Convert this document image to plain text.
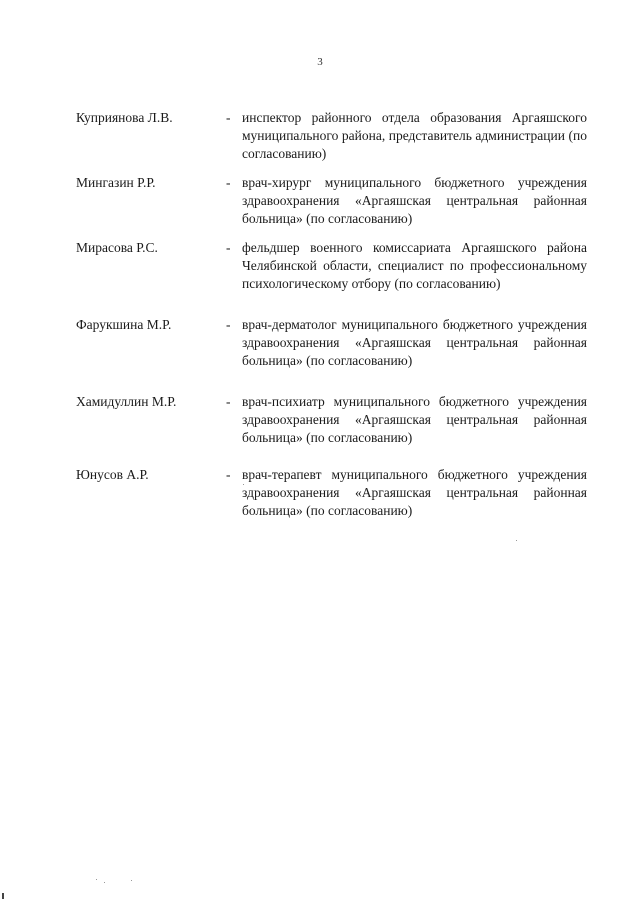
3
Куприянова Л.В.	- инспектор районного отдела образования Аргаяшского муниципального района, представитель администрации (по согласованию)
Мингазин Р.Р.	- врач-хирург муниципального бюджетного учреждения здравоохранения «Аргаяшская центральная районная больница» (по согласованию)
Мирасова Р.С.	- фельдшер военного комиссариата Аргаяшского района Челябинской области, специалист по профессиональному психологическому отбору (по согласованию)
Фарукшина М.Р.	- врач-дерматолог муниципального бюджетного учреждения здравоохранения «Аргаяшская центральная районная больница» (по согласованию)
Хамидуллин М.Р.	- врач-психиатр муниципального бюджетного учреждения здравоохранения «Аргаяшская центральная районная больница» (по согласованию)
Юнусов А.Р.	- врач-терапевт муниципального бюджетного учреждения здравоохранения «Аргаяшская центральная районная больница» (по согласованию)
